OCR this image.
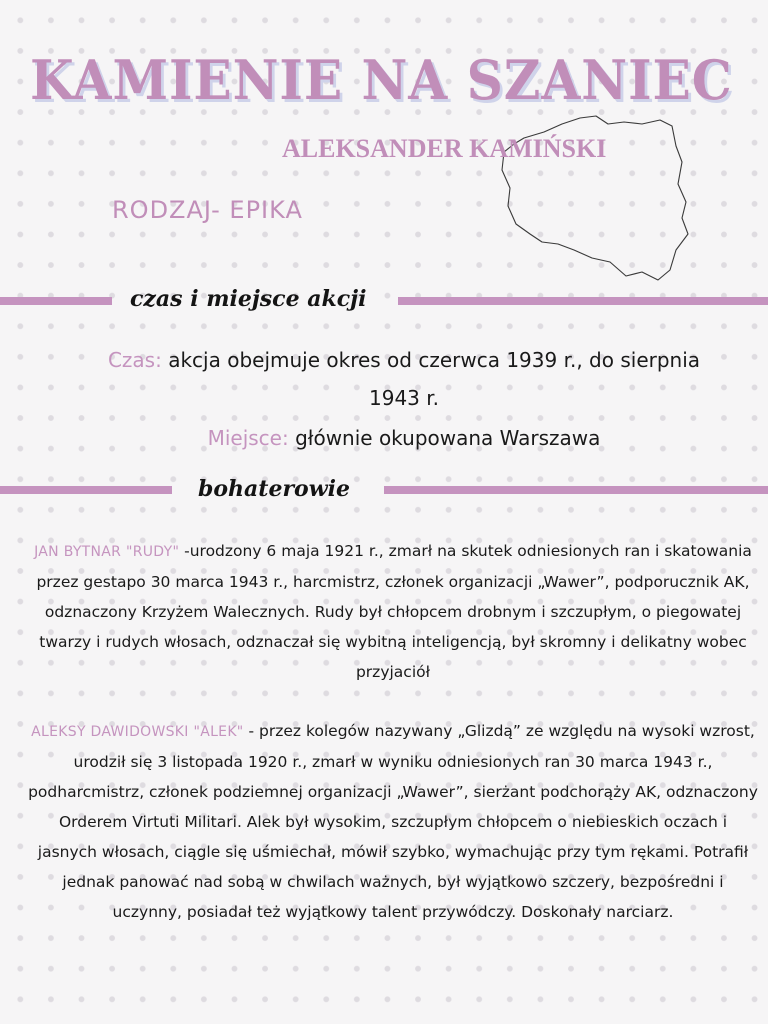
KAMIENIE NA SZANIEC
ALEKSANDER KAMIŃSKI
RODZAJ- EPIKA
czas i miejsce akcji
Czas: akcja obejmuje okres od czerwca 1939 r., do sierpnia
1943 r.
Miejsce: głównie okupowana Warszawa
bohaterowie
JAN BYTNAR "RUDY" -urodzony 6 maja 1921 r., zmarł na skutek odniesionych ran i skatowania przez gestapo 30 marca 1943 r., harcmistrz, członek organizacji „Wawer”, podporucznik AK, odznaczony Krzyżem Walecznych. Rudy był chłopcem drobnym i szczupłym, o piegowatej twarzy i rudych włosach, odznaczał się wybitną inteligencją, był skromny i delikatny wobec przyjaciół
ALEKSY DAWIDOWSKI "ALEK" - przez kolegów nazywany „Glizdą” ze względu na wysoki wzrost, urodził się 3 listopada 1920 r., zmarł w wyniku odniesionych ran 30 marca 1943 r., podharcmistrz, członek podziemnej organizacji „Wawer”, sierżant podchorąży AK, odznaczony Orderem Virtuti Militari. Alek był wysokim, szczupłym chłopcem o niebieskich oczach i jasnych włosach, ciągle się uśmiechał, mówił szybko, wymachując przy tym rękami. Potrafił jednak panować nad sobą w chwilach ważnych, był wyjątkowo szczery, bezpośredni i uczynny, posiadał też wyjątkowy talent przywódczy. Doskonały narciarz.
